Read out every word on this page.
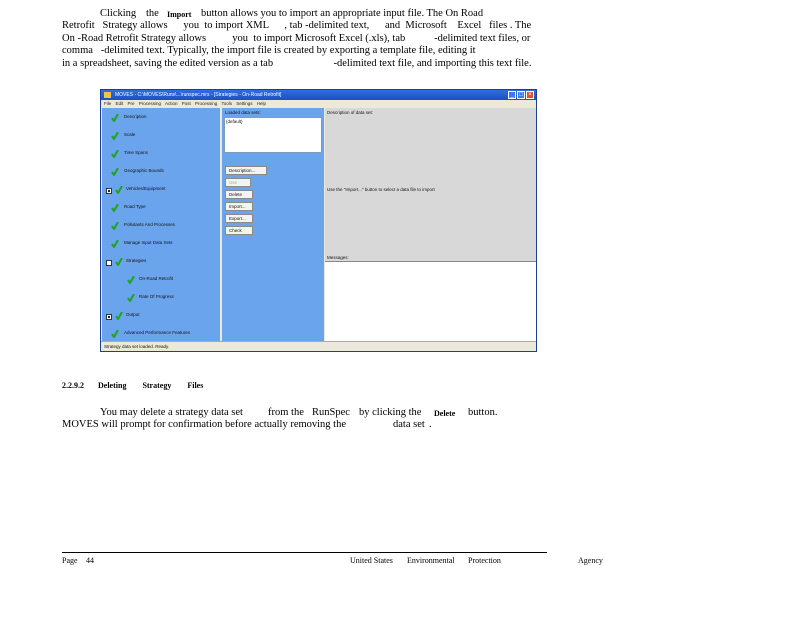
Clicking the Import button allows you to import an appropriate input file. The On Road

Retrofit   Strategy allows      you  to import XML      , tab -delimited text,      and  Microsoft    Excel   files . The
On -Road Retrofit Strategy allows          you  to import Microsoft Excel (.xls), tab           -delimited text files, or
comma   -delimited text. Typically, the import file is created by exporting a template file, editing it
in a spreadsheet, saving the edited version as a tab                       -delimited text file, and importing this text file.
MOVES - C:\MOVES\Runs\...\runspec.mrs - [Strategies - On-Road Retrofit]	_ □ ×
File Edit Pre Processing Action Post Processing Tools Settings Help
Description
Scale
Time Spans
Geographic Bounds
Vehicles/Equipment
Road Type
Pollutants And Processes
Manage Input Data Sets
Strategies
On-Road Retrofit
Rate Of Progress
Output
Advanced Performance Features
Loaded data sets:
(default)
Description...
Use
Delete
Import...
Export...
Check
Description of data set:
Use the "Import..." button to select a data file to import
Messages:
Strategy data set loaded. Ready.
2.2.9.2 Deleting Strategy Files
You may delete a strategy data set from the RunSpec by clicking the Delete button.
MOVES will prompt for confirmation before actually removing the	data set .
Page 44	United States Environmental Protection	Agency
